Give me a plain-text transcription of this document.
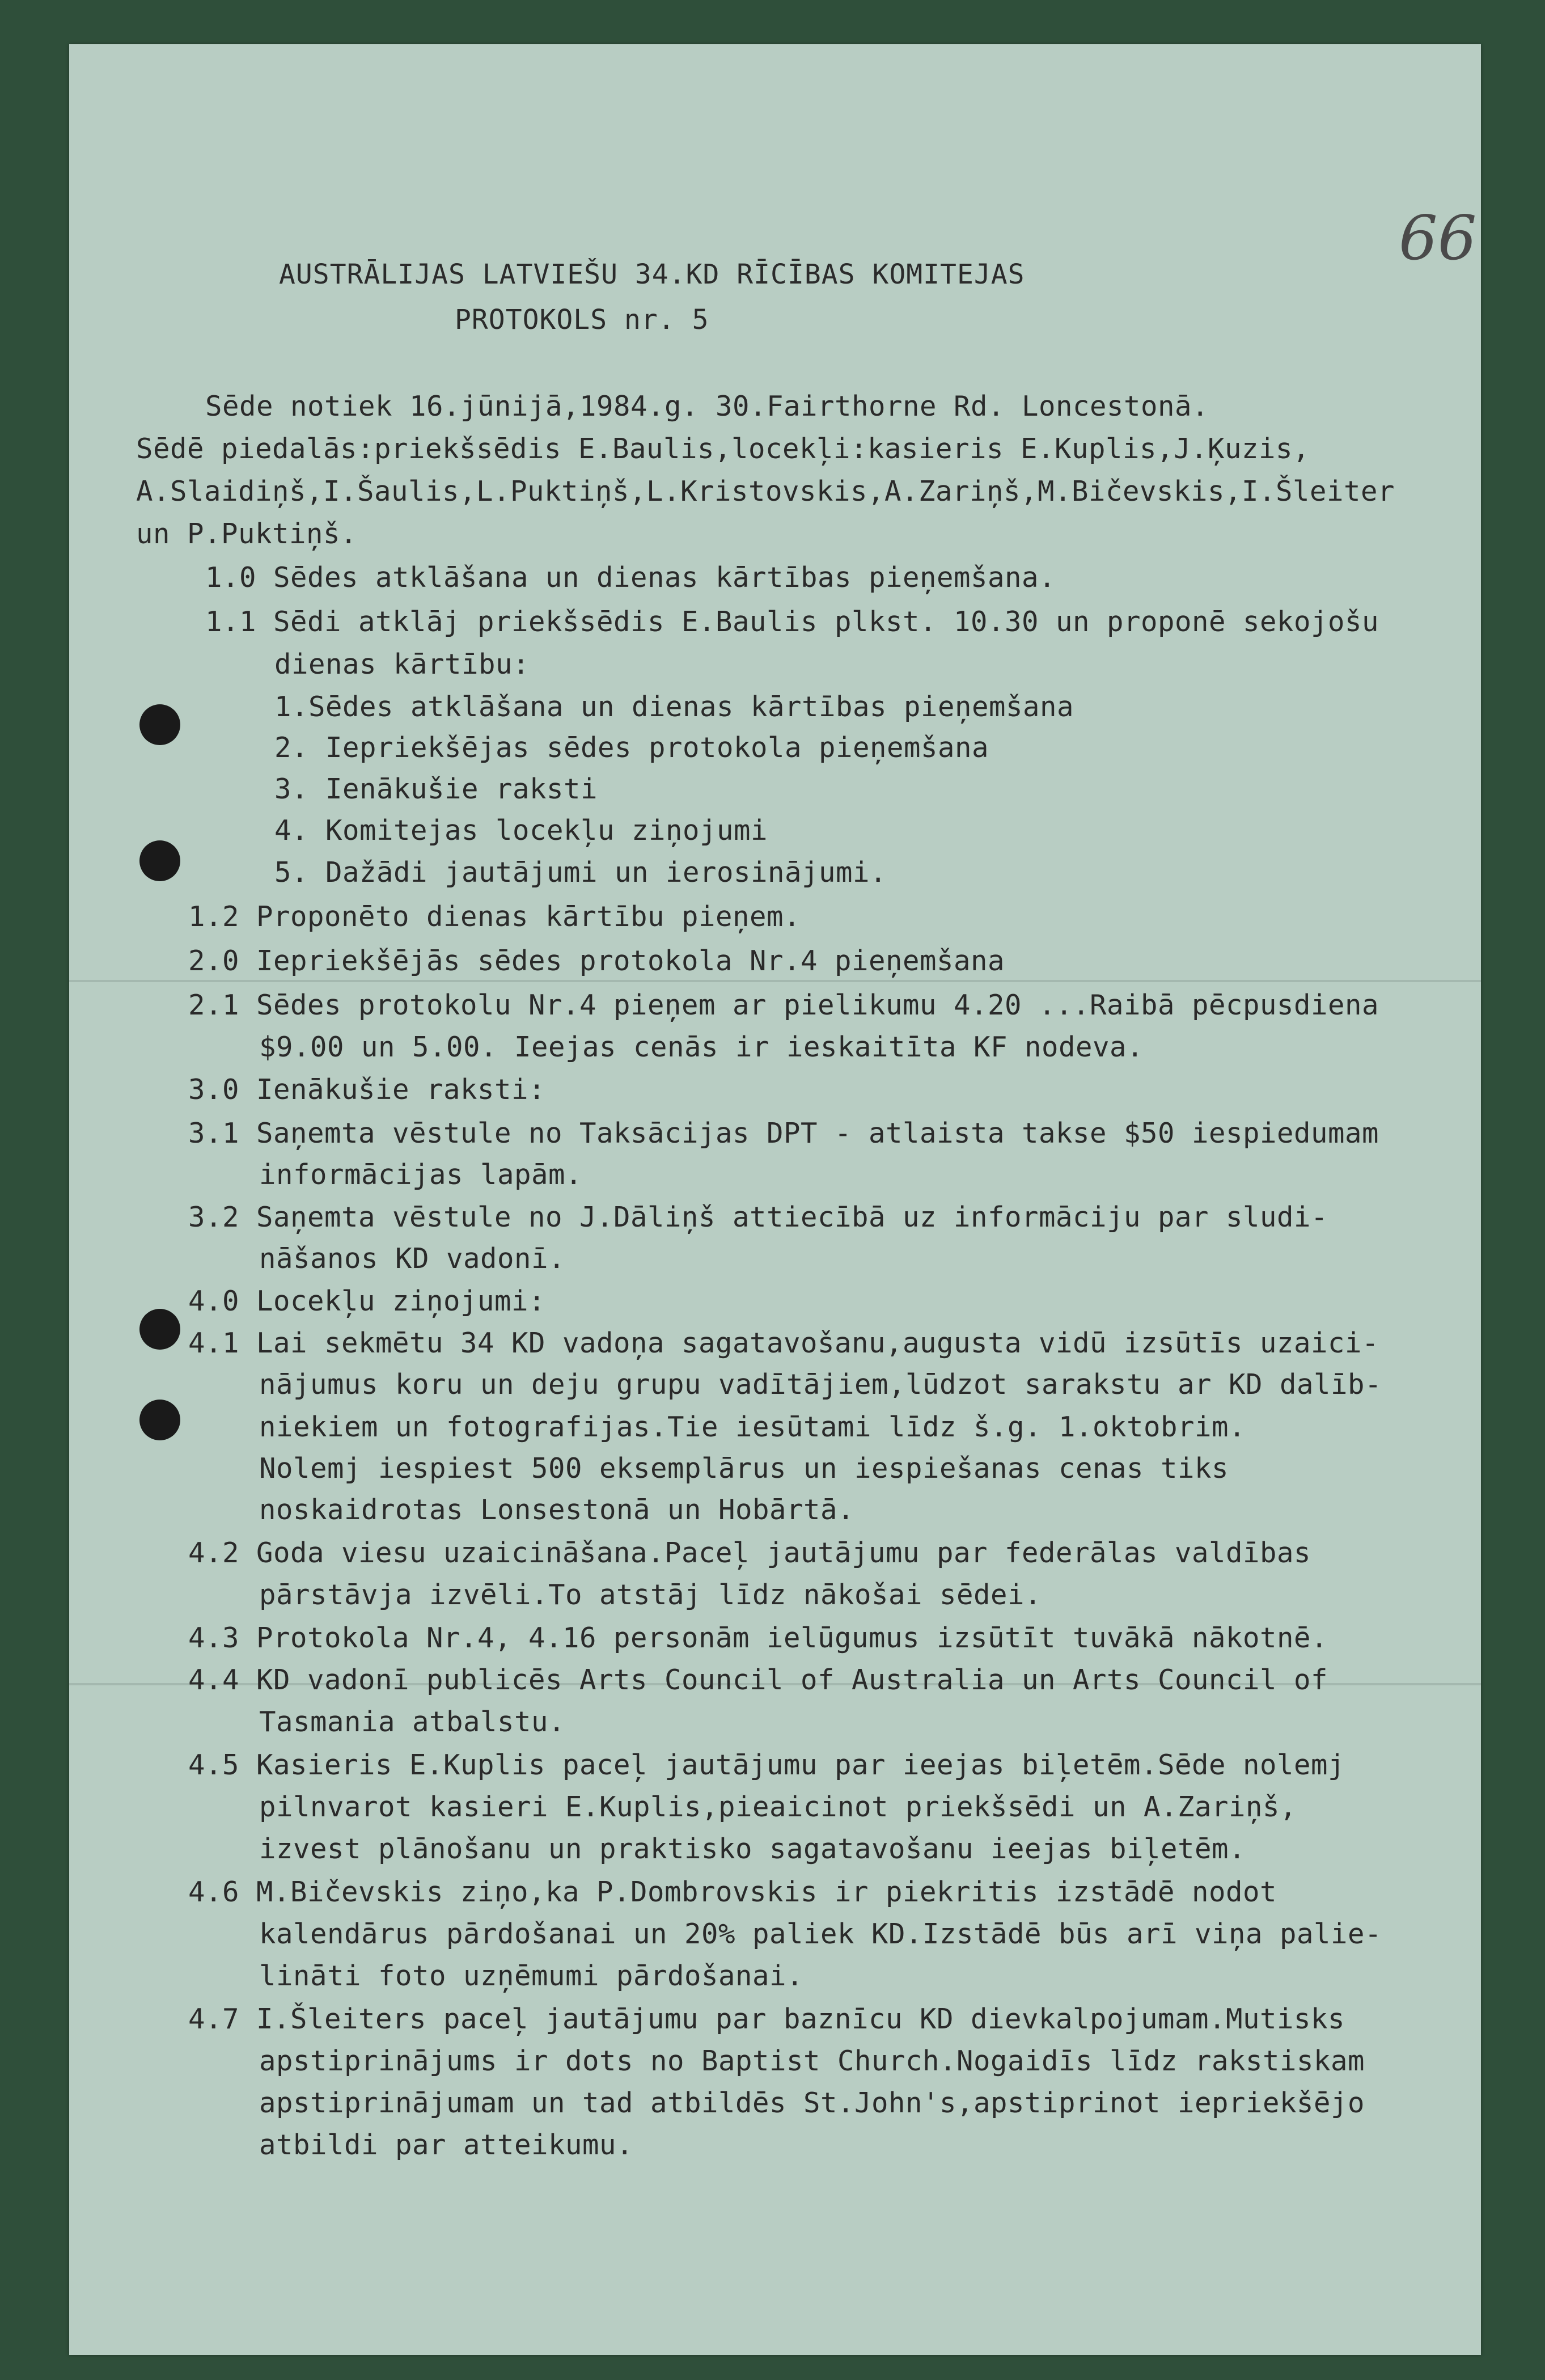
66
AUSTRĀLIJAS LATVIEŠU 34.KD RĪCĪBAS KOMITEJAS
PROTOKOLS nr. 5
Sēde notiek 16.jūnijā,1984.g. 30.Fairthorne Rd. Loncestonā.
Sēdē piedalās:priekšsēdis E.Baulis,locekļi:kasieris E.Kuplis,J.Ķuzis,
A.Slaidiņš,I.Šaulis,L.Puktiņš,L.Kristovskis,A.Zariņš,M.Bičevskis,I.Šleiter
un P.Puktiņš.
1.0 Sēdes atklāšana un dienas kārtības pieņemšana.
1.1 Sēdi atklāj priekšsēdis E.Baulis plkst. 10.30 un proponē sekojošu
dienas kārtību:
1.Sēdes atklāšana un dienas kārtības pieņemšana
2. Iepriekšējas sēdes protokola pieņemšana
3. Ienākušie raksti
4. Komitejas locekļu ziņojumi
5. Dažādi jautājumi un ierosinājumi.
1.2 Proponēto dienas kārtību pieņem.
2.0 Iepriekšējās sēdes protokola Nr.4 pieņemšana
2.1 Sēdes protokolu Nr.4 pieņem ar pielikumu 4.20 ...Raibā pēcpusdiena
$9.00 un 5.00. Ieejas cenās ir ieskaitīta KF nodeva.
3.0 Ienākušie raksti:
3.1 Saņemta vēstule no Taksācijas DPT - atlaista takse $50 iespiedumam
informācijas lapām.
3.2 Saņemta vēstule no J.Dāliņš attiecībā uz informāciju par sludi-
nāšanos KD vadonī.
4.0 Locekļu ziņojumi:
4.1 Lai sekmētu 34 KD vadoņa sagatavošanu,augusta vidū izsūtīs uzaici-
nājumus koru un deju grupu vadītājiem,lūdzot sarakstu ar KD dalīb-
niekiem un fotografijas.Tie iesūtami līdz š.g. 1.oktobrim.
Nolemj iespiest 500 eksemplārus un iespiešanas cenas tiks
noskaidrotas Lonsestonā un Hobārtā.
4.2 Goda viesu uzaicināšana.Paceļ jautājumu par federālas valdības
pārstāvja izvēli.To atstāj līdz nākošai sēdei.
4.3 Protokola Nr.4, 4.16 personām ielūgumus izsūtīt tuvākā nākotnē.
4.4 KD vadonī publicēs Arts Council of Australia un Arts Council of
Tasmania atbalstu.
4.5 Kasieris E.Kuplis paceļ jautājumu par ieejas biļetēm.Sēde nolemj
pilnvarot kasieri E.Kuplis,pieaicinot priekšsēdi un A.Zariņš,
izvest plānošanu un praktisko sagatavošanu ieejas biļetēm.
4.6 M.Bičevskis ziņo,ka P.Dombrovskis ir piekritis izstādē nodot
kalendārus pārdošanai un 20% paliek KD.Izstādē būs arī viņa palie-
lināti foto uzņēmumi pārdošanai.
4.7 I.Šleiters paceļ jautājumu par baznīcu KD dievkalpojumam.Mutisks
apstiprinājums ir dots no Baptist Church.Nogaidīs līdz rakstiskam
apstiprinājumam un tad atbildēs St.John's,apstiprinot iepriekšējo
atbildi par atteikumu.
